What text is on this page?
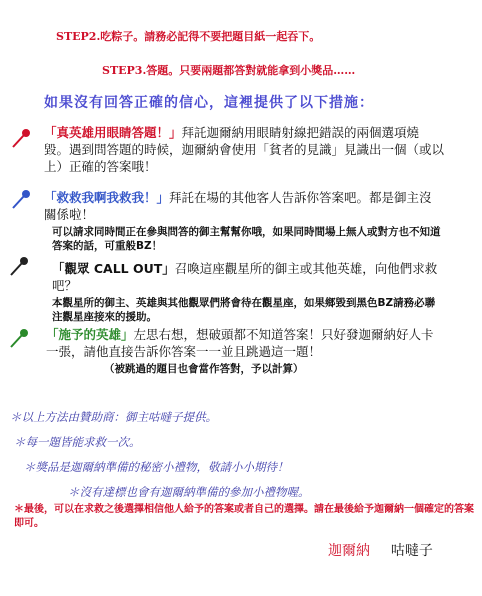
STEP2.吃粽子。請務必記得不要把題目紙一起吞下。
STEP3.答題。只要兩題都答對就能拿到小獎品……
如果沒有回答正確的信心，這裡提供了以下措施：
「真英雄用眼睛答題！」拜託迦爾納用眼睛射線把錯誤的兩個選項燒毀。遇到問答題的時候，迦爾納會使用「貧者的見識」見識出一個（或以上）正確的答案哦！
「救救我啊我救我！」拜託在場的其他客人告訴你答案吧。都是御主沒關係啦！
可以請求同時間正在參與問答的御主幫幫你哦，如果同時間場上無人或對方也不知道答案的話，可重般BZ！
「觀眾 CALL OUT」召喚這座觀星所的御主或其他英雄，向他們求救吧？
本觀星所的御主、英雄與其他觀眾們將會待在觀星座，如果鄉毀到黑色BZ請務必聯注觀星座接來的援助。
「施予的英雄」左思右想，想破頭都不知道答案！只好發迦爾納好人卡一張，請他直接告訴你答案一一並且跳過這一題！
（被跳過的題目也會當作答對，予以計算）
＊以上方法由贊助商：御主咕噠子提供。
＊每一題皆能求救一次。
＊獎品是迦爾納準備的秘密小禮物，敬請小小期待！
＊沒有達標也會有迦爾納準備的參加小禮物喔。
＊最後，可以在求救之後選擇相信他人給予的答案或者自己的選擇。請在最後給予迦爾納一個確定的答案即可。
迦爾納 咕噠子
